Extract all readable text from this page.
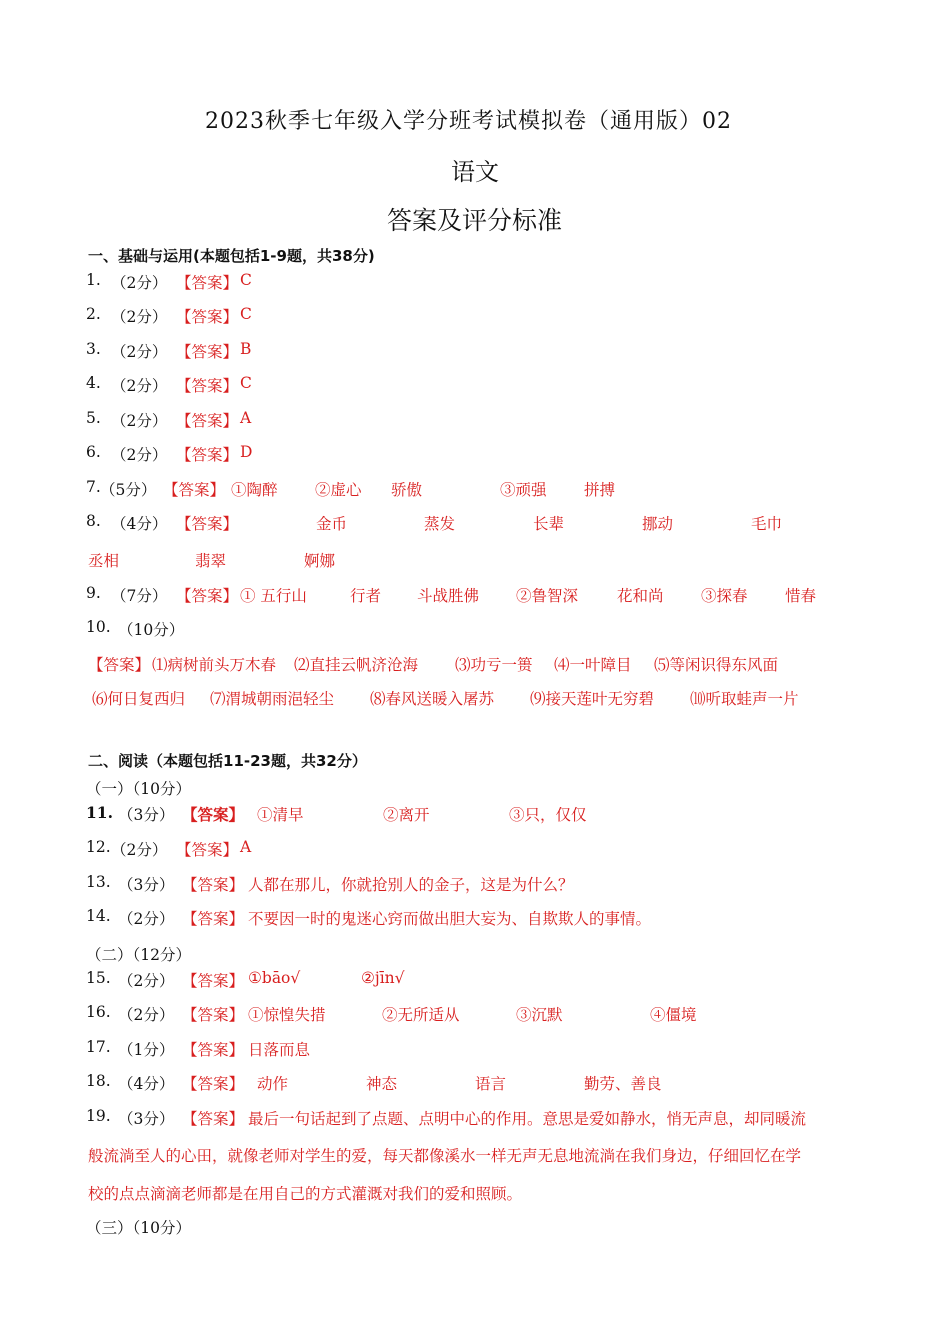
2023秋季七年级入学分班考试模拟卷（通用版）02
语文
答案及评分标准
一、基础与运用(本题包括1-9题，共38分)
1. （2分） 【答案】 C
2. （2分） 【答案】 C
3. （2分） 【答案】 B
4. （2分） 【答案】 C
5. （2分） 【答案】 A
6. （2分） 【答案】 D
7. （5分） 【答案】 ①陶醉 ②虚心 骄傲	③顽强 拼搏
8. （4分） 【答案】	金币	蒸发	长辈	挪动	毛巾
丞相	翡翠	婀娜
9. （7分） 【答案】 ① 五行山	行者 斗战胜佛 ②鲁智深	花和尚 ③探春 惜春
10. （10分）
【答案】 ⑴病树前头万木春 ⑵直挂云帆济沧海 ⑶功亏一篑 ⑷一叶障目 ⑸等闲识得东风面
⑹何日复西归 ⑺渭城朝雨浥轻尘 ⑻春风送暖入屠苏 ⑼接天莲叶无穷碧 ⑽听取蛙声一片
二、阅读（本题包括11-23题，共32分）
（一）（10分）
11. （3分） 【答案】 ①清早	②离开	③只，仅仅
12. （2分） 【答案】 A
13. （3分） 【答案】 人都在那儿，你就抢别人的金子，这是为什么？
14. （2分） 【答案】 不要因一时的鬼迷心窍而做出胆大妄为、自欺欺人的事情。
（二）（12分）
15. （2分） 【答案】 ①bāo√	②jīn√
16. （2分） 【答案】 ①惊惶失措	②无所适从	③沉默	④僵境
17. （1分） 【答案】 日落而息
18. （4分） 【答案】 动作	神态	语言	勤劳、善良
19. （3分） 【答案】 最后一句话起到了点题、点明中心的作用。意思是爱如静水，悄无声息，却同暖流
般流淌至人的心田，就像老师对学生的爱，每天都像溪水一样无声无息地流淌在我们身边，仔细回忆在学
校的点点滴滴老师都是在用自己的方式灌溉对我们的爱和照顾。
（三）（10分）
